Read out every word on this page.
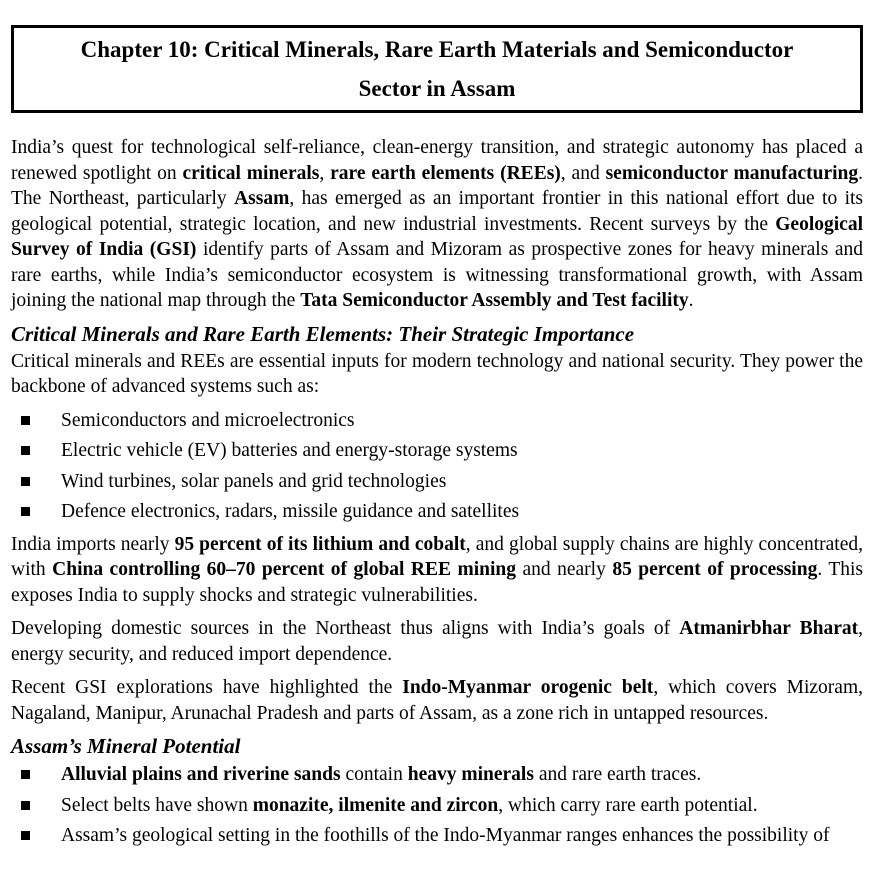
Chapter 10: Critical Minerals, Rare Earth Materials and Semiconductor
Sector in Assam

India’s quest for technological self-reliance, clean-energy transition, and strategic autonomy has placed a renewed spotlight on critical minerals, rare earth elements (REEs), and semiconductor manufacturing. The Northeast, particularly Assam, has emerged as an important frontier in this national effort due to its geological potential, strategic location, and new industrial investments. Recent surveys by the Geological Survey of India (GSI) identify parts of Assam and Mizoram as prospective zones for heavy minerals and rare earths, while India’s semiconductor ecosystem is witnessing transformational growth, with Assam joining the national map through the Tata Semiconductor Assembly and Test facility.

Critical Minerals and Rare Earth Elements: Their Strategic Importance

Critical minerals and REEs are essential inputs for modern technology and national security. They power the backbone of advanced systems such as:

Semiconductors and microelectronics
Electric vehicle (EV) batteries and energy-storage systems
Wind turbines, solar panels and grid technologies
Defence electronics, radars, missile guidance and satellites

India imports nearly 95 percent of its lithium and cobalt, and global supply chains are highly concentrated, with China controlling 60–70 percent of global REE mining and nearly 85 percent of processing. This exposes India to supply shocks and strategic vulnerabilities.

Developing domestic sources in the Northeast thus aligns with India’s goals of Atmanirbhar Bharat, energy security, and reduced import dependence.

Recent GSI explorations have highlighted the Indo-Myanmar orogenic belt, which covers Mizoram, Nagaland, Manipur, Arunachal Pradesh and parts of Assam, as a zone rich in untapped resources.

Assam’s Mineral Potential
Alluvial plains and riverine sands contain heavy minerals and rare earth traces.
Select belts have shown monazite, ilmenite and zircon, which carry rare earth potential.
Assam’s geological setting in the foothills of the Indo-Myanmar ranges enhances the possibility of
